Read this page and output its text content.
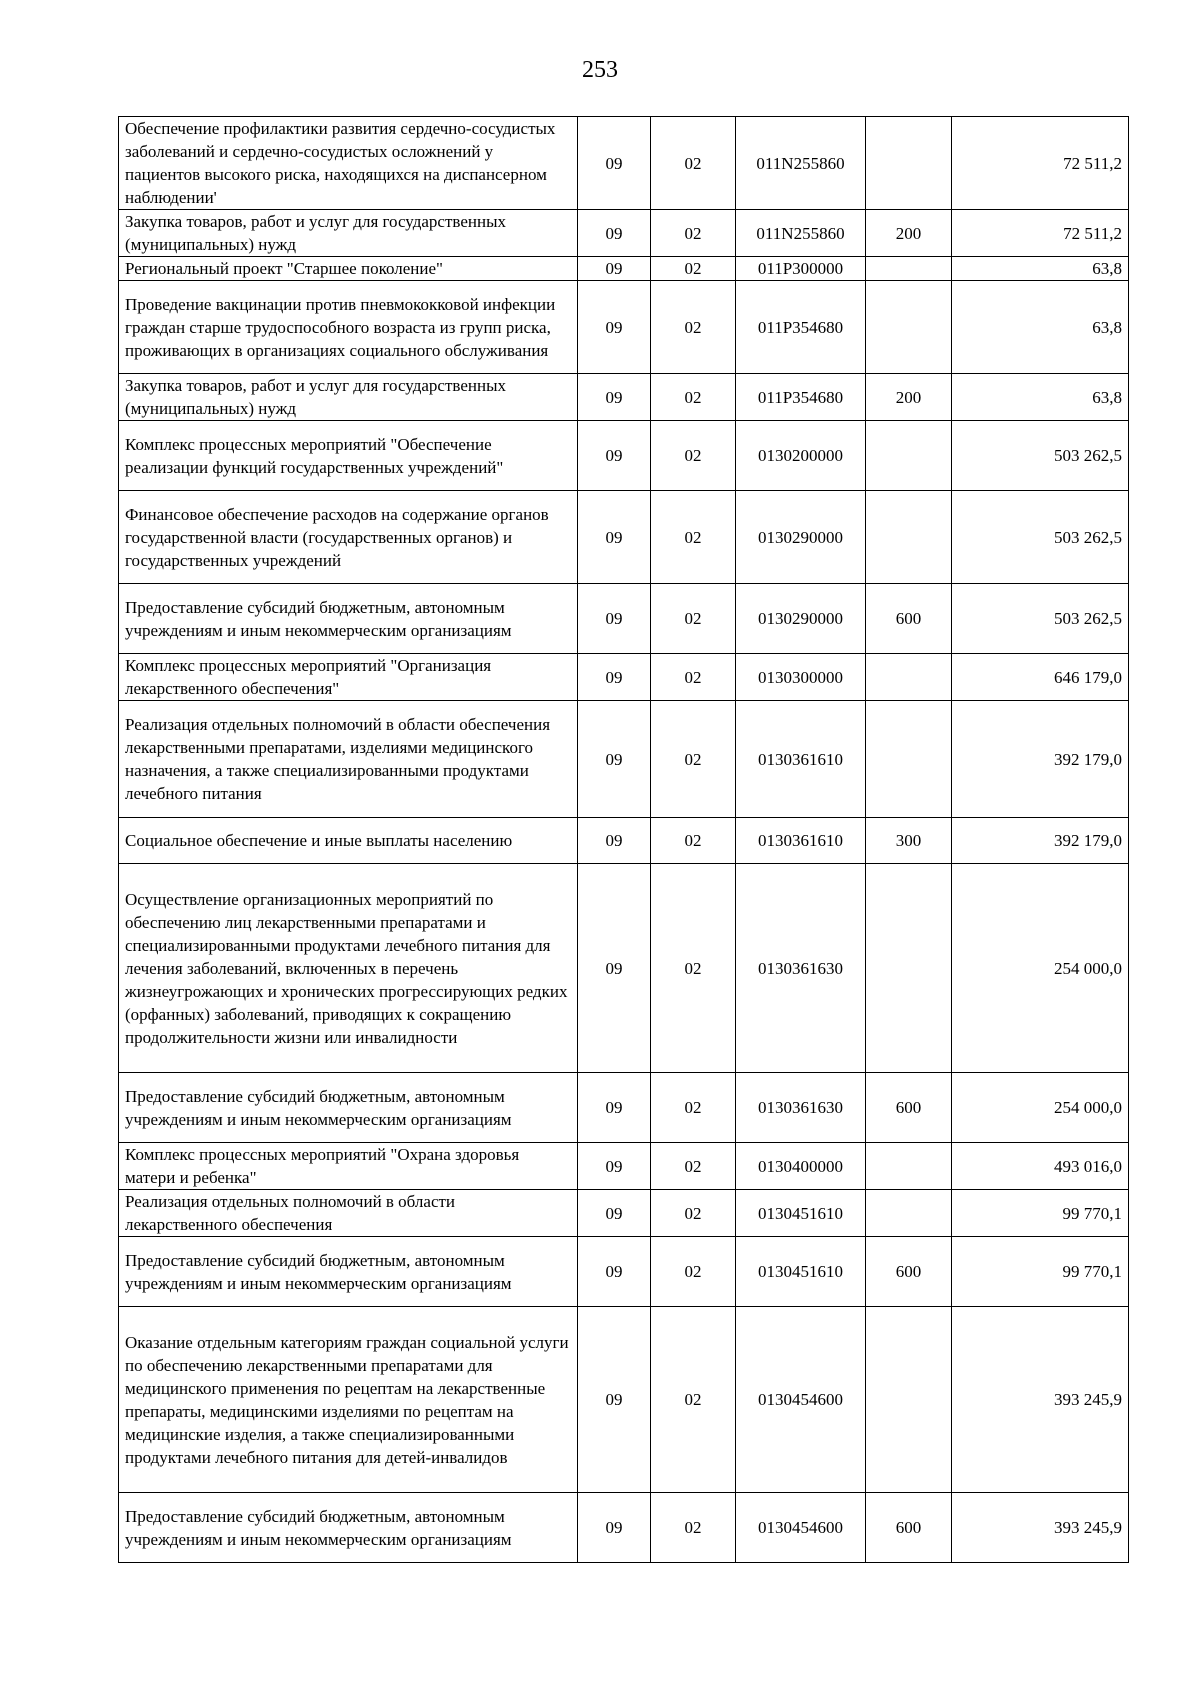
253
Обеспечение профилактики развития сердечно-сосудистых заболеваний и сердечно-сосудистых осложнений у пациентов высокого риска, находящихся на диспансерном наблюдении'	09	02	011N255860		72 511,2
Закупка товаров, работ и услуг для государственных (муниципальных) нужд	09	02	011N255860	200	72 511,2
Региональный проект "Старшее поколение"	09	02	011P300000		63,8
Проведение вакцинации против пневмококковой инфекции граждан старше трудоспособного возраста из групп риска, проживающих в организациях социального обслуживания	09	02	011P354680		63,8
Закупка товаров, работ и услуг для государственных (муниципальных) нужд	09	02	011P354680	200	63,8
Комплекс процессных мероприятий "Обеспечение реализации функций государственных учреждений"	09	02	0130200000		503 262,5
Финансовое обеспечение расходов на содержание органов государственной власти (государственных органов) и государственных учреждений	09	02	0130290000		503 262,5
Предоставление субсидий бюджетным, автономным учреждениям и иным некоммерческим организациям	09	02	0130290000	600	503 262,5
Комплекс процессных мероприятий "Организация лекарственного обеспечения"	09	02	0130300000		646 179,0
Реализация отдельных полномочий в области обеспечения лекарственными препаратами, изделиями медицинского назначения, а также специализированными продуктами лечебного питания	09	02	0130361610		392 179,0
Социальное обеспечение и иные выплаты населению	09	02	0130361610	300	392 179,0
Осуществление организационных мероприятий по обеспечению лиц лекарственными препаратами и специализированными продуктами лечебного питания для лечения заболеваний, включенных в перечень жизнеугрожающих и хронических прогрессирующих редких (орфанных) заболеваний, приводящих к сокращению продолжительности жизни или инвалидности	09	02	0130361630		254 000,0
Предоставление субсидий бюджетным, автономным учреждениям и иным некоммерческим организациям	09	02	0130361630	600	254 000,0
Комплекс процессных мероприятий "Охрана здоровья матери и ребенка"	09	02	0130400000		493 016,0
Реализация отдельных полномочий в области лекарственного обеспечения	09	02	0130451610		99 770,1
Предоставление субсидий бюджетным, автономным учреждениям и иным некоммерческим организациям	09	02	0130451610	600	99 770,1
Оказание отдельным категориям граждан социальной услуги по обеспечению лекарственными препаратами для медицинского применения по рецептам на лекарственные препараты, медицинскими изделиями по рецептам на медицинские изделия, а также специализированными продуктами лечебного питания для детей-инвалидов	09	02	0130454600		393 245,9
Предоставление субсидий бюджетным, автономным учреждениям и иным некоммерческим организациям	09	02	0130454600	600	393 245,9
